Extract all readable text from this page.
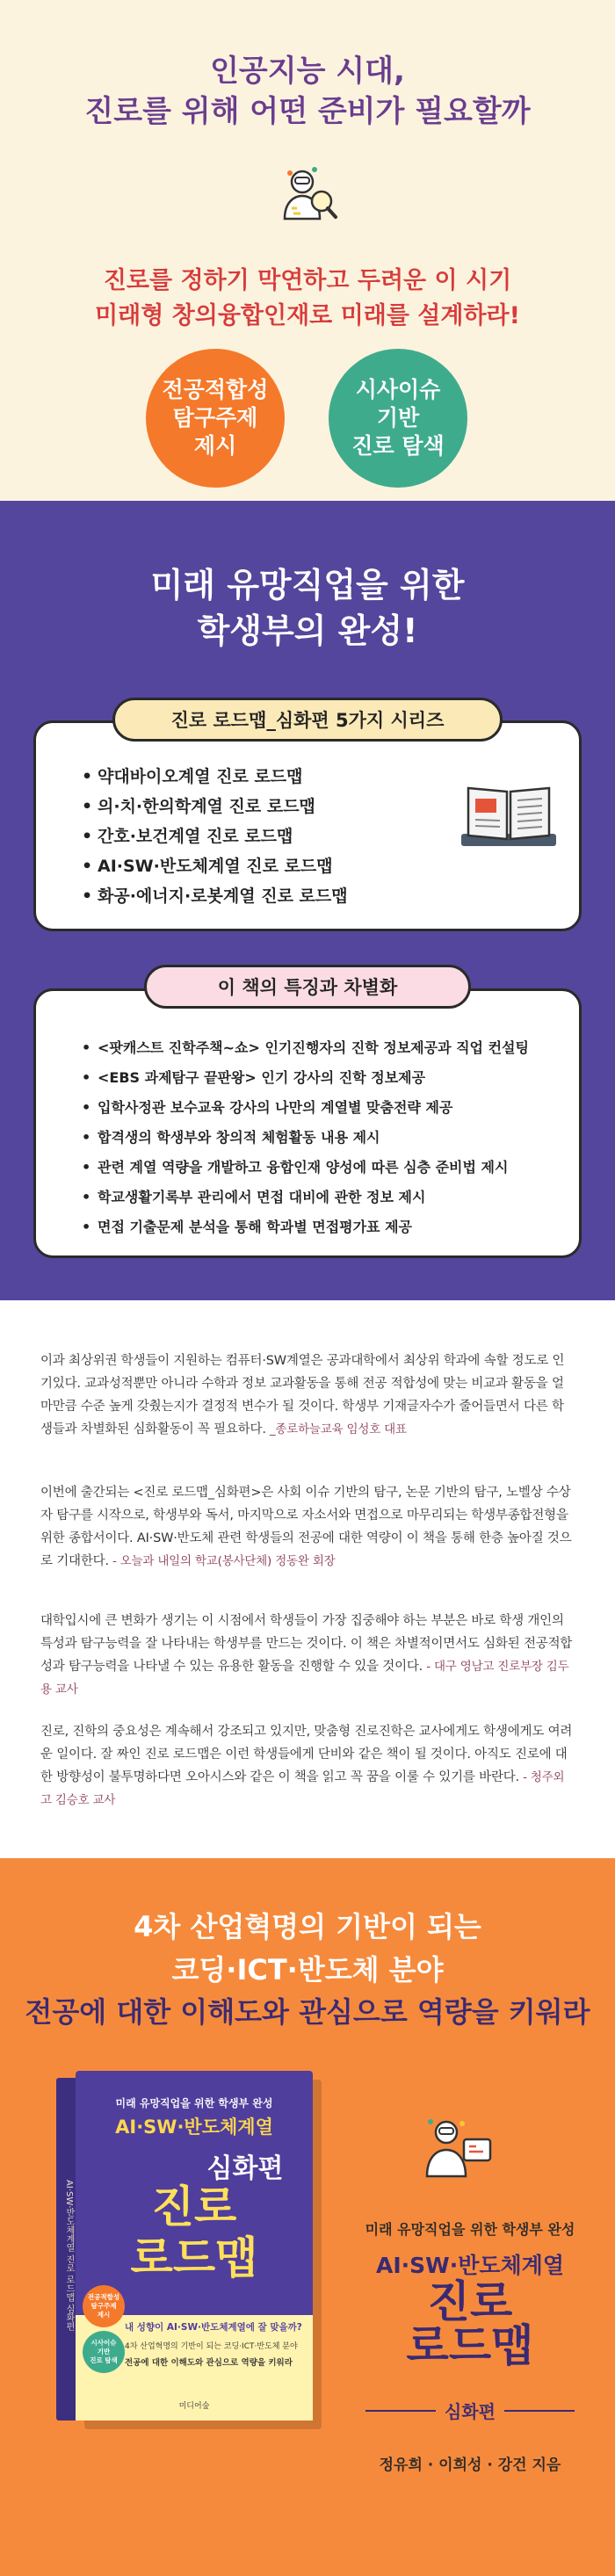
인공지능 시대,
진로를 위해 어떤 준비가 필요할까
진로를 정하기 막연하고 두려운 이 시기
미래형 창의융합인재로 미래를 설계하라!
전공적합성
탐구주제
제시
시사이슈
기반
진로 탐색
미래 유망직업을 위한
학생부의 완성!
• 약대바이오계열 진로 로드맵
• 의·치·한의학계열 진로 로드맵
• 간호·보건계열 진로 로드맵
• AI·SW·반도체계열 진로 로드맵
• 화공·에너지·로봇계열 진로 로드맵
진로 로드맵_심화편 5가지 시리즈
• <팟캐스트 진학주책~쇼> 인기진행자의 진학 정보제공과 직업 컨설팅
• <EBS 과제탐구 끝판왕> 인기 강사의 진학 정보제공
• 입학사정관 보수교육 강사의 나만의 계열별 맞춤전략 제공
• 합격생의 학생부와 창의적 체험활동 내용 제시
• 관련 계열 역량을 개발하고 융합인재 양성에 따른 심층 준비법 제시
• 학교생활기록부 관리에서 면접 대비에 관한 정보 제시
• 면접 기출문제 분석을 통해 학과별 면접평가표 제공
이 책의 특징과 차별화

이과 최상위권 학생들이 지원하는 컴퓨터·SW계열은 공과대학에서 최상위 학과에 속할 정도로 인기있다. 교과성적뿐만 아니라 수학과 정보 교과활동을 통해 전공 적합성에 맞는 비교과 활동을 얼마만큼 수준 높게 갖췄는지가 결정적 변수가 될 것이다. 학생부 기재글자수가 줄어들면서 다른 학생들과 차별화된 심화활동이 꼭 필요하다. _종로하늘교육 임성호 대표

이번에 출간되는 <진로 로드맵_심화편>은 사회 이슈 기반의 탐구, 논문 기반의 탐구, 노벨상 수상자 탐구를 시작으로, 학생부와 독서, 마지막으로 자소서와 면접으로 마무리되는 학생부종합전형을 위한 종합서이다. AI·SW·반도체 관련 학생들의 전공에 대한 역량이 이 책을 통해 한층 높아질 것으로 기대한다. - 오늘과 내일의 학교(봉사단체) 정동완 회장

대학입시에 큰 변화가 생기는 이 시점에서 학생들이 가장 집중해야 하는 부분은 바로 학생 개인의 특성과 탐구능력을 잘 나타내는 학생부를 만드는 것이다. 이 책은 차별적이면서도 심화된 전공적합성과 탐구능력을 나타낼 수 있는 유용한 활동을 진행할 수 있을 것이다. - 대구 영남고 진로부장 김두용 교사

진로, 진학의 중요성은 계속해서 강조되고 있지만, 맞춤형 진로진학은 교사에게도 학생에게도 여려운 일이다. 잘 짜인 진로 로드맵은 이런 학생들에게 단비와 같은 책이 될 것이다. 아직도 진로에 대한 방향성이 불투명하다면 오아시스와 같은 이 책을 읽고 꼭 꿈을 이룰 수 있기를 바란다. - 청주외고 김승호 교사

4차 산업혁명의 기반이 되는
코딩·ICT·반도체 분야
전공에 대한 이해도와 관심으로 역량을 키워라
AI·SW·반도체계열 진로 로드맵 심화편
미래 유망직업을 위한 학생부 완성
AI·SW·반도체계열
심화편
진로
로드맵
내 성향이 AI·SW·반도체계열에 잘 맞을까?
4차 산업혁명의 기반이 되는 코딩·ICT·반도체 분야
전공에 대한 이해도와 관심으로 역량을 키워라
미디어숲
전공적합성
탐구주제
제시
시사이슈
기반
진로 탐색
미래 유망직업을 위한 학생부 완성
AI·SW·반도체계열
진로
로드맵
심화편
정유희 · 이희성 · 강건 지음
